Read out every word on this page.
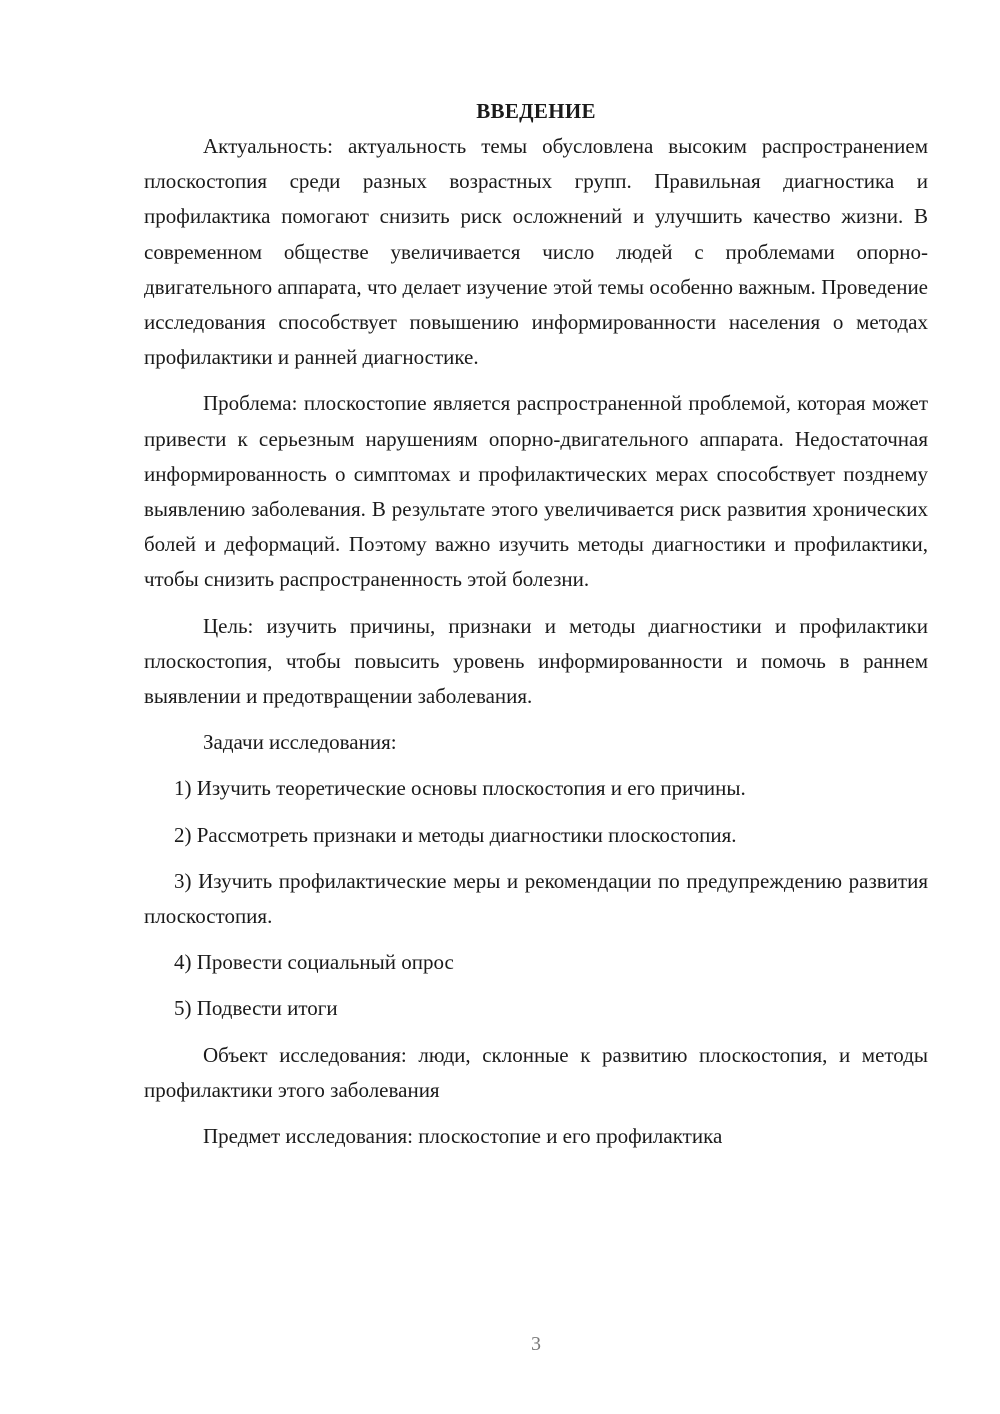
ВВЕДЕНИЕ

Актуальность: актуальность темы обусловлена высоким распространением плоскостопия среди разных возрастных групп. Правильная диагностика и профилактика помогают снизить риск осложнений и улучшить качество жизни. В современном обществе увеличивается число людей с проблемами опорно-двигательного аппарата, что делает изучение этой темы особенно важным. Проведение исследования способствует повышению информированности населения о методах профилактики и ранней диагностике.

Проблема: плоскостопие является распространенной проблемой, которая может привести к серьезным нарушениям опорно-двигательного аппарата. Недостаточная информированность о симптомах и профилактических мерах способствует позднему выявлению заболевания. В результате этого увеличивается риск развития хронических болей и деформаций. Поэтому важно изучить методы диагностики и профилактики, чтобы снизить распространенность этой болезни.

Цель: изучить причины, признаки и методы диагностики и профилактики плоскостопия, чтобы повысить уровень информированности и помочь в раннем выявлении и предотвращении заболевания.

Задачи исследования:

1) Изучить теоретические основы плоскостопия и его причины.

2) Рассмотреть признаки и методы диагностики плоскостопия.

3) Изучить профилактические меры и рекомендации по предупреждению развития плоскостопия.

4) Провести социальный опрос

5) Подвести итоги

Объект исследования: люди, склонные к развитию плоскостопия, и методы профилактики этого заболевания

Предмет исследования: плоскостопие и его профилактика

3
